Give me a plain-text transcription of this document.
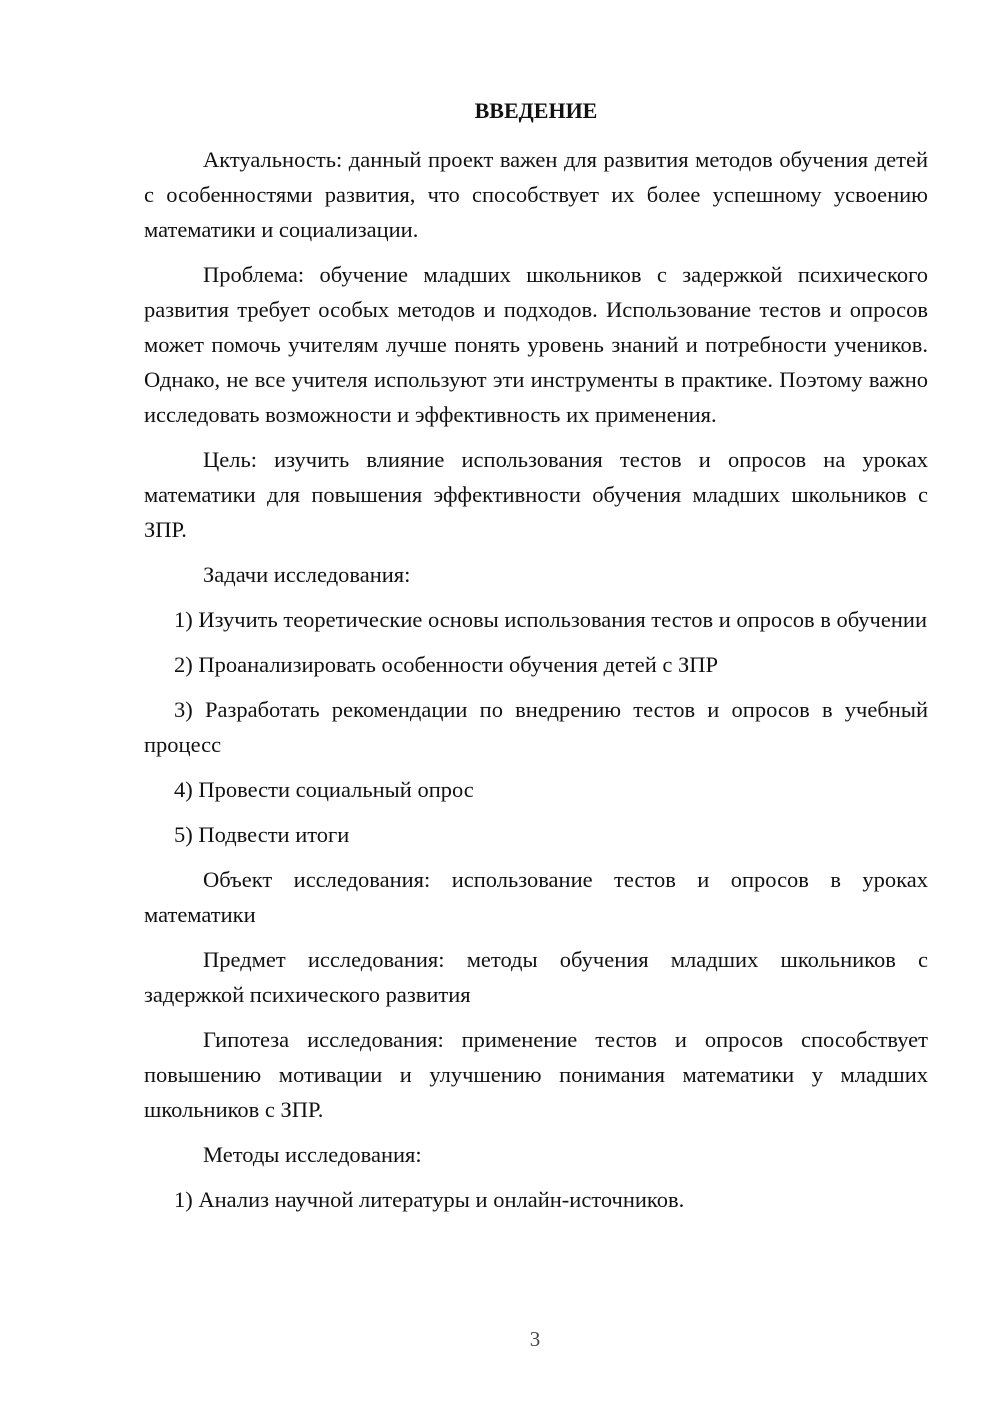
ВВЕДЕНИЕ

Актуальность: данный проект важен для развития методов обучения детей с особенностями развития, что способствует их более успешному усвоению математики и социализации.

Проблема: обучение младших школьников с задержкой психического развития требует особых методов и подходов. Использование тестов и опросов может помочь учителям лучше понять уровень знаний и потребности учеников. Однако, не все учителя используют эти инструменты в практике. Поэтому важно исследовать возможности и эффективность их применения.

Цель: изучить влияние использования тестов и опросов на уроках математики для повышения эффективности обучения младших школьников с ЗПР.

Задачи исследования:

1) Изучить теоретические основы использования тестов и опросов в обучении

2) Проанализировать особенности обучения детей с ЗПР

3) Разработать рекомендации по внедрению тестов и опросов в учебный процесс

4) Провести социальный опрос

5) Подвести итоги

Объект исследования: использование тестов и опросов в уроках математики

Предмет исследования: методы обучения младших школьников с задержкой психического развития

Гипотеза исследования: применение тестов и опросов способствует повышению мотивации и улучшению понимания математики у младших школьников с ЗПР.

Методы исследования:

1) Анализ научной литературы и онлайн-источников.

3
